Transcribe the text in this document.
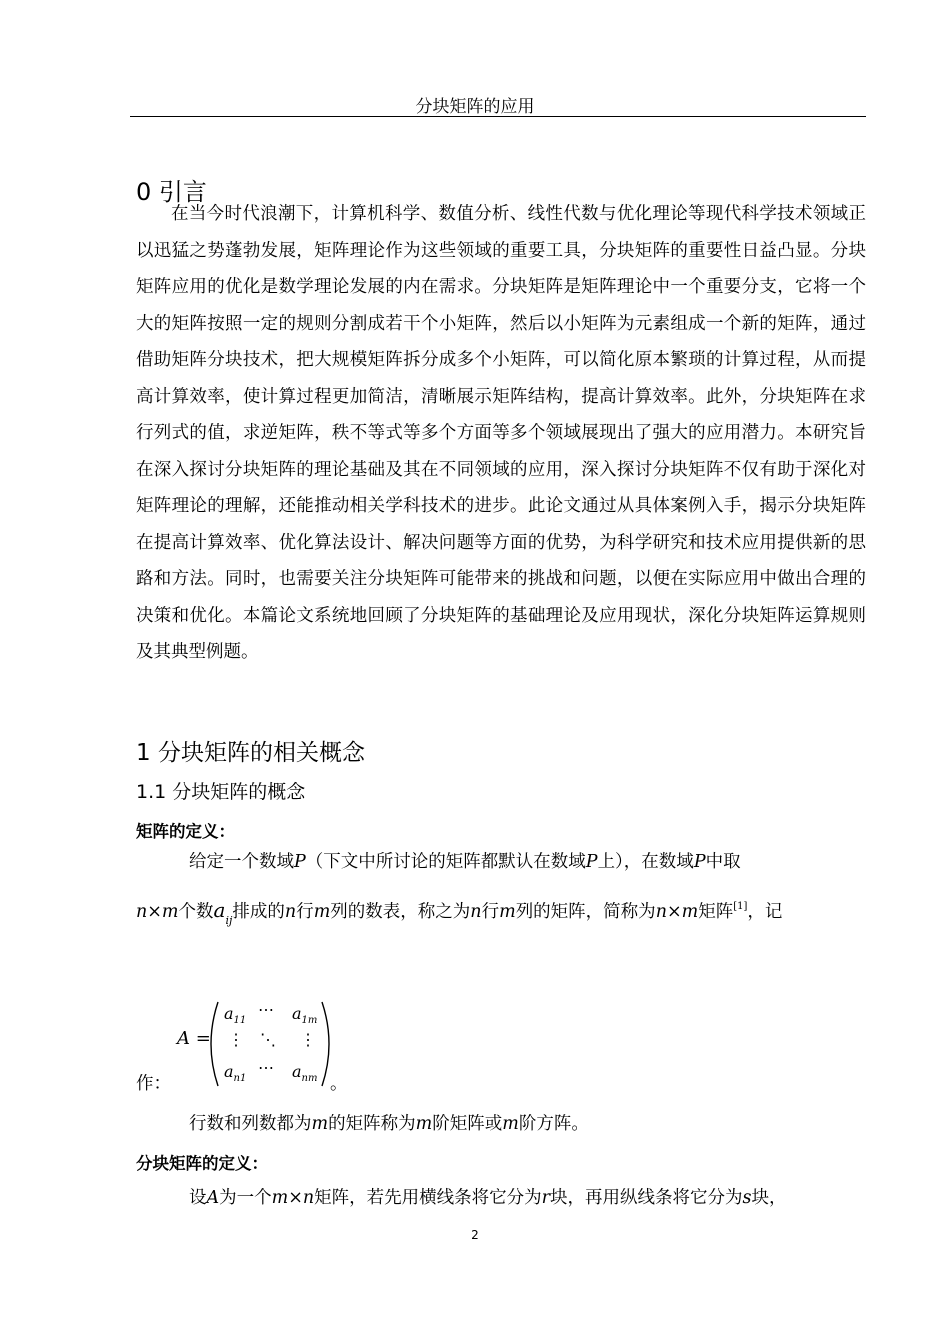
分块矩阵的应用
0 引言

在当今时代浪潮下，计算机科学、数值分析、线性代数与优化理论等现代科学技术领域正以迅猛之势蓬勃发展，矩阵理论作为这些领域的重要工具，分块矩阵的重要性日益凸显。分块矩阵应用的优化是数学理论发展的内在需求。分块矩阵是矩阵理论中一个重要分支，它将一个大的矩阵按照一定的规则分割成若干个小矩阵，然后以小矩阵为元素组成一个新的矩阵，通过借助矩阵分块技术，把大规模矩阵拆分成多个小矩阵，可以简化原本繁琐的计算过程，从而提高计算效率，使计算过程更加简洁，清晰展示矩阵结构，提高计算效率。此外，分块矩阵在求行列式的值，求逆矩阵，秩不等式等多个方面等多个领域展现出了强大的应用潜力。本研究旨在深入探讨分块矩阵的理论基础及其在不同领域的应用，深入探讨分块矩阵不仅有助于深化对矩阵理论的理解，还能推动相关学科技术的进步。此论文通过从具体案例入手，揭示分块矩阵在提高计算效率、优化算法设计、解决问题等方面的优势，为科学研究和技术应用提供新的思路和方法。同时，也需要关注分块矩阵可能带来的挑战和问题，以便在实际应用中做出合理的决策和优化。本篇论文系统地回顾了分块矩阵的基础理论及应用现状，深化分块矩阵运算规则及其典型例题。

1 分块矩阵的相关概念
1.1 分块矩阵的概念
矩阵的定义：
给定一个数域P（下文中所讨论的矩阵都默认在数域P上），在数域P中取
n×m个数$a_{ij}$排成的n行m列的数表，称之为n行m列的矩阵，简称为n×m矩阵[1]，记
作：
A =
$a_{11}$
⋯ $a_{1m}$
⋮ ⋱ ⋮
$a_{n1}$
⋯ $a_{nm}$ 。
行数和列数都为m的矩阵称为m阶矩阵或m阶方阵。
分块矩阵的定义：
设A为一个m×n矩阵，若先用横线条将它分为r块，再用纵线条将它分为s块，
2
